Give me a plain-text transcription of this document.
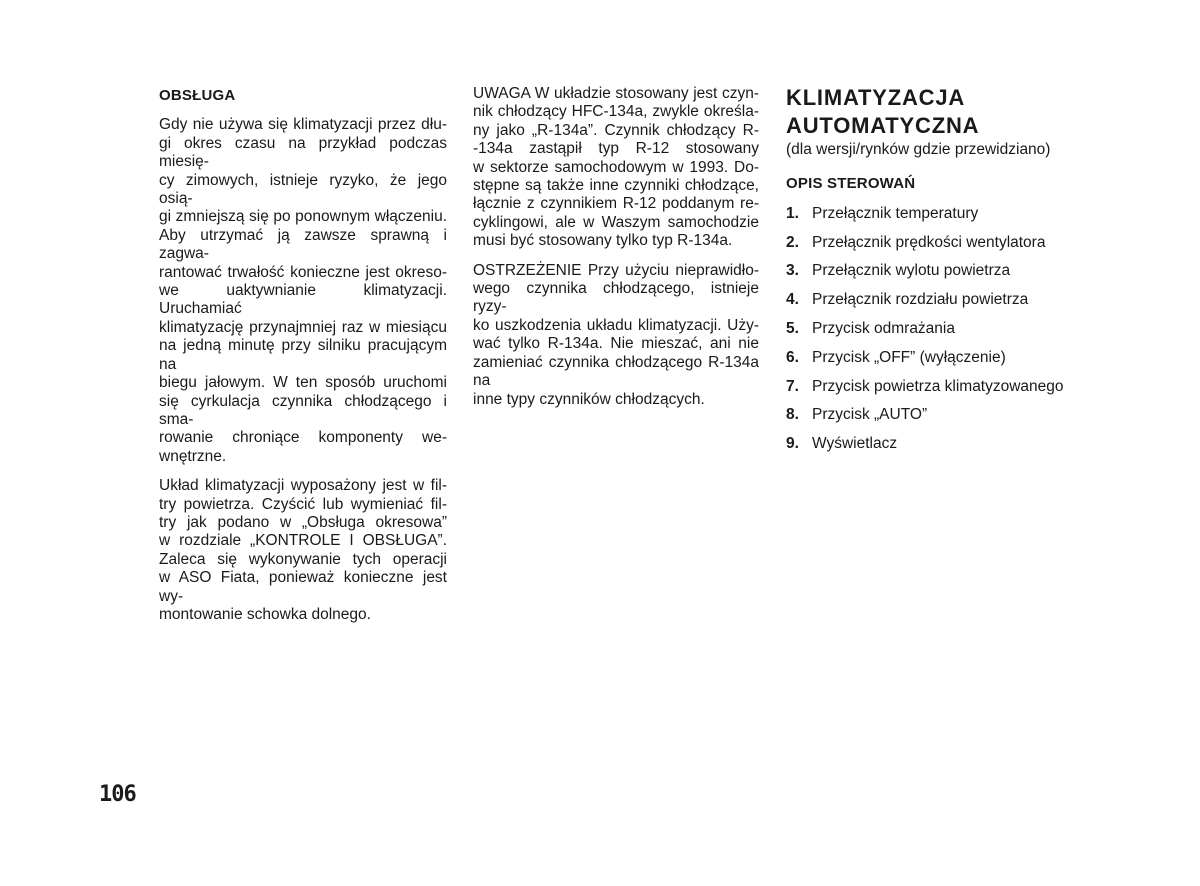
OBSŁUGA
Gdy nie używa się klimatyzacji przez dłu-
gi okres czasu na przykład podczas miesię-
cy zimowych, istnieje ryzyko, że jego osią-
gi zmniejszą się po ponownym włączeniu.
Aby utrzymać ją zawsze sprawną i zagwa-
rantować trwałość konieczne jest okreso-
we uaktywnianie klimatyzacji. Uruchamiać
klimatyzację przynajmniej raz w miesiącu
na jedną minutę przy silniku pracującym na
biegu jałowym. W ten sposób uruchomi
się cyrkulacja czynnika chłodzącego i sma-
rowanie chroniące komponenty we-
wnętrzne.
Układ klimatyzacji wyposażony jest w fil-
try powietrza. Czyścić lub wymieniać fil-
try jak podano w „Obsługa okresowa”
w rozdziale „KONTROLE I OBSŁUGA”.
Zaleca się wykonywanie tych operacji
w ASO Fiata, ponieważ konieczne jest wy-
montowanie schowka dolnego.
UWAGA W układzie stosowany jest czyn-
nik chłodzący HFC-134a, zwykle określa-
ny jako „R-134a”. Czynnik chłodzący R-
-134a zastąpił typ R-12 stosowany
w sektorze samochodowym w 1993. Do-
stępne są także inne czynniki chłodzące,
łącznie z czynnikiem R-12 poddanym re-
cyklingowi, ale w Waszym samochodzie
musi być stosowany tylko typ R-134a.
OSTRZEŻENIE Przy użyciu nieprawidło-
wego czynnika chłodzącego, istnieje ryzy-
ko uszkodzenia układu klimatyzacji. Uży-
wać tylko R-134a. Nie mieszać, ani nie
zamieniać czynnika chłodzącego R-134a na
inne typy czynników chłodzących.
KLIMATYZACJA
AUTOMATYCZNA
(dla wersji/rynków gdzie przewidziano)
OPIS STEROWAŃ
1. Przełącznik temperatury
2. Przełącznik prędkości wentylatora
3. Przełącznik wylotu powietrza
4. Przełącznik rozdziału powietrza
5. Przycisk odmrażania
6. Przycisk „OFF” (wyłączenie)
7. Przycisk powietrza klimatyzowanego
8. Przycisk „AUTO”
9. Wyświetlacz
106
